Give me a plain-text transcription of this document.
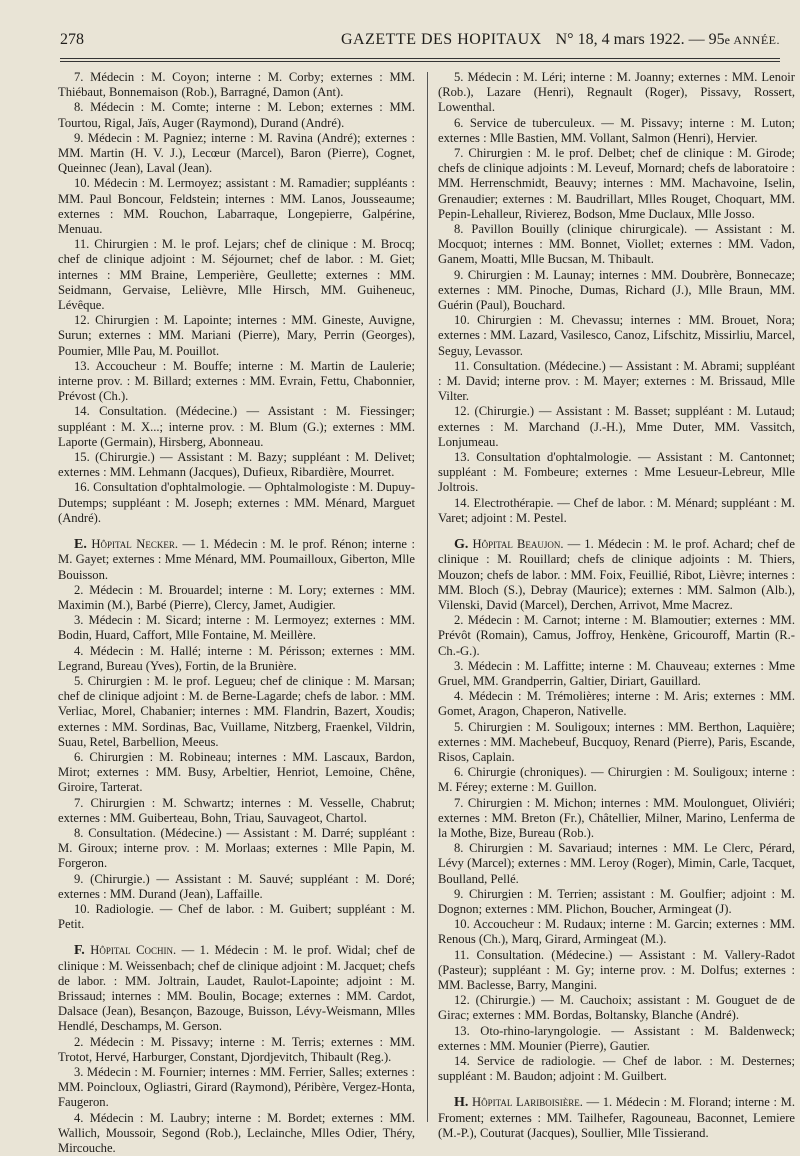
278	GAZETTE DES HOPITAUX N° 18, 4 mars 1922. — 95e ANNÉE.

7. Médecin : M. Coyon; interne : M. Corby; externes : MM. Thiébaut, Bonnemaison (Rob.), Barragné, Damon (Ant).

8. Médecin : M. Comte; interne : M. Lebon; externes : MM. Tourtou, Rigal, Jaïs, Auger (Raymond), Durand (André).

9. Médecin : M. Pagniez; interne : M. Ravina (André); externes : MM. Martin (H. V. J.), Lecœur (Marcel), Baron (Pierre), Cognet, Queinnec (Jean), Laval (Jean).

10. Médecin : M. Lermoyez; assistant : M. Ramadier; suppléants : MM. Paul Boncour, Feldstein; internes : MM. Lanos, Jousseaume; externes : MM. Rouchon, Labarraque, Longepierre, Galpérine, Menuau.

11. Chirurgien : M. le prof. Lejars; chef de clinique : M. Brocq; chef de clinique adjoint : M. Séjournet; chef de labor. : M. Giet; internes : MM Braine, Lemperière, Geullette; externes : MM. Seidmann, Gervaise, Lelièvre, Mlle Hirsch, MM. Guiheneuc, Lévêque.

12. Chirurgien : M. Lapointe; internes : MM. Gineste, Auvigne, Surun; externes : MM. Mariani (Pierre), Mary, Perrin (Georges), Poumier, Mlle Pau, M. Pouillot.

13. Accoucheur : M. Bouffe; interne : M. Martin de Laulerie; interne prov. : M. Billard; externes : MM. Evrain, Fettu, Chabonnier, Prévost (Ch.).

14. Consultation. (Médecine.) — Assistant : M. Fiessinger; suppléant : M. X...; interne prov. : M. Blum (G.); externes : MM. Laporte (Germain), Hirsberg, Abonneau.

15. (Chirurgie.) — Assistant : M. Bazy; suppléant : M. Delivet; externes : MM. Lehmann (Jacques), Dufieux, Ribardière, Mourret.

16. Consultation d'ophtalmologie. — Ophtalmologiste : M. Dupuy-Dutemps; suppléant : M. Joseph; externes : MM. Ménard, Marguet (André).

E. Hôpital Necker. — 1. Médecin : M. le prof. Rénon; interne : M. Gayet; externes : Mme Ménard, MM. Poumailloux, Giberton, Mlle Bouisson.

2. Médecin : M. Brouardel; interne : M. Lory; externes : MM. Maximin (M.), Barbé (Pierre), Clercy, Jamet, Audigier.

3. Médecin : M. Sicard; interne : M. Lermoyez; externes : MM. Bodin, Huard, Caffort, Mlle Fontaine, M. Meillère.

4. Médecin : M. Hallé; interne : M. Périsson; externes : MM. Legrand, Bureau (Yves), Fortin, de la Brunière.

5. Chirurgien : M. le prof. Legueu; chef de clinique : M. Marsan; chef de clinique adjoint : M. de Berne-Lagarde; chefs de labor. : MM. Verliac, Morel, Chabanier; internes : MM. Flandrin, Bazert, Xoudis; externes : MM. Sordinas, Bac, Vuillame, Nitzberg, Fraenkel, Vildrin, Suau, Retel, Barbellion, Meeus.

6. Chirurgien : M. Robineau; internes : MM. Lascaux, Bardon, Mirot; externes : MM. Busy, Arbeltier, Henriot, Lemoine, Chêne, Giroire, Tarterat.

7. Chirurgien : M. Schwartz; internes : M. Vesselle, Chabrut; externes : MM. Guiberteau, Bohn, Triau, Sauvageot, Chartol.

8. Consultation. (Médecine.) — Assistant : M. Darré; suppléant : M. Giroux; interne prov. : M. Morlaas; externes : Mlle Papin, M. Forgeron.

9. (Chirurgie.) — Assistant : M. Sauvé; suppléant : M. Doré; externes : MM. Durand (Jean), Laffaille.

10. Radiologie. — Chef de labor. : M. Guibert; suppléant : M. Petit.

F. Hôpital Cochin. — 1. Médecin : M. le prof. Widal; chef de clinique : M. Weissenbach; chef de clinique adjoint : M. Jacquet; chefs de labor. : MM. Joltrain, Laudet, Raulot-Lapointe; adjoint : M. Brissaud; internes : MM. Boulin, Bocage; externes : MM. Cardot, Dalsace (Jean), Besançon, Bazouge, Buisson, Lévy-Weismann, Mlles Hendlé, Deschamps, M. Gerson.

2. Médecin : M. Pissavy; interne : M. Terris; externes : MM. Trotot, Hervé, Harburger, Constant, Djordjevitch, Thibault (Reg.).

3. Médecin : M. Fournier; internes : MM. Ferrier, Salles; externes : MM. Poincloux, Ogliastri, Girard (Raymond), Péribère, Vergez-Honta, Faugeron.

4. Médecin : M. Laubry; interne : M. Bordet; externes : MM. Wallich, Moussoir, Segond (Rob.), Leclainche, Mlles Odier, Théry, Mircouche.

5. Médecin : M. Léri; interne : M. Joanny; externes : MM. Lenoir (Rob.), Lazare (Henri), Regnault (Roger), Pissavy, Rossert, Lowenthal.

6. Service de tuberculeux. — M. Pissavy; interne : M. Luton; externes : Mlle Bastien, MM. Vollant, Salmon (Henri), Hervier.

7. Chirurgien : M. le prof. Delbet; chef de clinique : M. Girode; chefs de clinique adjoints : M. Leveuf, Mornard; chefs de laboratoire : MM. Herrenschmidt, Beauvy; internes : MM. Machavoine, Iselin, Grenaudier; externes : M. Baudrillart, Mlles Rouget, Choquart, MM. Pepin-Lehalleur, Rivierez, Bodson, Mme Duclaux, Mlle Josso.

8. Pavillon Bouilly (clinique chirurgicale). — Assistant : M. Mocquot; internes : MM. Bonnet, Viollet; externes : MM. Vadon, Ganem, Moatti, Mlle Bucsan, M. Thibault.

9. Chirurgien : M. Launay; internes : MM. Doubrère, Bonnecaze; externes : MM. Pinoche, Dumas, Richard (J.), Mlle Braun, MM. Guérin (Paul), Bouchard.

10. Chirurgien : M. Chevassu; internes : MM. Brouet, Nora; externes : MM. Lazard, Vasilesco, Canoz, Lifschitz, Missirliu, Marcel, Seguy, Levassor.

11. Consultation. (Médecine.) — Assistant : M. Abrami; suppléant : M. David; interne prov. : M. Mayer; externes : M. Brissaud, Mlle Vilter.

12. (Chirurgie.) — Assistant : M. Basset; suppléant : M. Lutaud; externes : M. Marchand (J.-H.), Mme Duter, MM. Vassitch, Lonjumeau.

13. Consultation d'ophtalmologie. — Assistant : M. Cantonnet; suppléant : M. Fombeure; externes : Mme Lesueur-Lebreur, Mlle Joltrois.

14. Electrothérapie. — Chef de labor. : M. Ménard; suppléant : M. Varet; adjoint : M. Pestel.

G. Hôpital Beaujon. — 1. Médecin : M. le prof. Achard; chef de clinique : M. Rouillard; chefs de clinique adjoints : M. Thiers, Mouzon; chefs de labor. : MM. Foix, Feuillié, Ribot, Lièvre; internes : MM. Bloch (S.), Debray (Maurice); externes : MM. Salmon (Alb.), Vilenski, David (Marcel), Derchen, Arrivot, Mme Macrez.

2. Médecin : M. Carnot; interne : M. Blamoutier; externes : MM. Prévôt (Romain), Camus, Joffroy, Henkène, Gricouroff, Martin (R.-Ch.-G.).

3. Médecin : M. Laffitte; interne : M. Chauveau; externes : Mme Gruel, MM. Grandperrin, Galtier, Diriart, Gauillard.

4. Médecin : M. Trémolières; interne : M. Aris; externes : MM. Gomet, Aragon, Chaperon, Nativelle.

5. Chirurgien : M. Souligoux; internes : MM. Berthon, Laquière; externes : MM. Machebeuf, Bucquoy, Renard (Pierre), Paris, Escande, Risos, Caplain.

6. Chirurgie (chroniques). — Chirurgien : M. Souligoux; interne : M. Férey; externe : M. Guillon.

7. Chirurgien : M. Michon; internes : MM. Moulonguet, Oliviéri; externes : MM. Breton (Fr.), Châtellier, Milner, Marino, Lenferma de la Mothe, Bize, Bureau (Rob.).

8. Chirurgien : M. Savariaud; internes : MM. Le Clerc, Pérard, Lévy (Marcel); externes : MM. Leroy (Roger), Mimin, Carle, Tacquet, Boulland, Pellé.

9. Chirurgien : M. Terrien; assistant : M. Goulfier; adjoint : M. Dognon; externes : MM. Plichon, Boucher, Armingeat (J).

10. Accoucheur : M. Rudaux; interne : M. Garcin; externes : MM. Renous (Ch.), Marq, Girard, Armingeat (M.).

11. Consultation. (Médecine.) — Assistant : M. Vallery-Radot (Pasteur); suppléant : M. Gy; interne prov. : M. Dolfus; externes : MM. Baclesse, Barry, Mangini.

12. (Chirurgie.) — M. Cauchoix; assistant : M. Gouguet de de Girac; externes : MM. Bordas, Boltansky, Blanche (André).

13. Oto-rhino-laryngologie. — Assistant : M. Baldenweck; externes : MM. Mounier (Pierre), Gautier.

14. Service de radiologie. — Chef de labor. : M. Desternes; suppléant : M. Baudon; adjoint : M. Guilbert.

H. Hôpital Lariboisière. — 1. Médecin : M. Florand; interne : M. Froment; externes : MM. Tailhefer, Ragouneau, Baconnet, Lemiere (M.-P.), Couturat (Jacques), Soullier, Mlle Tissierand.
